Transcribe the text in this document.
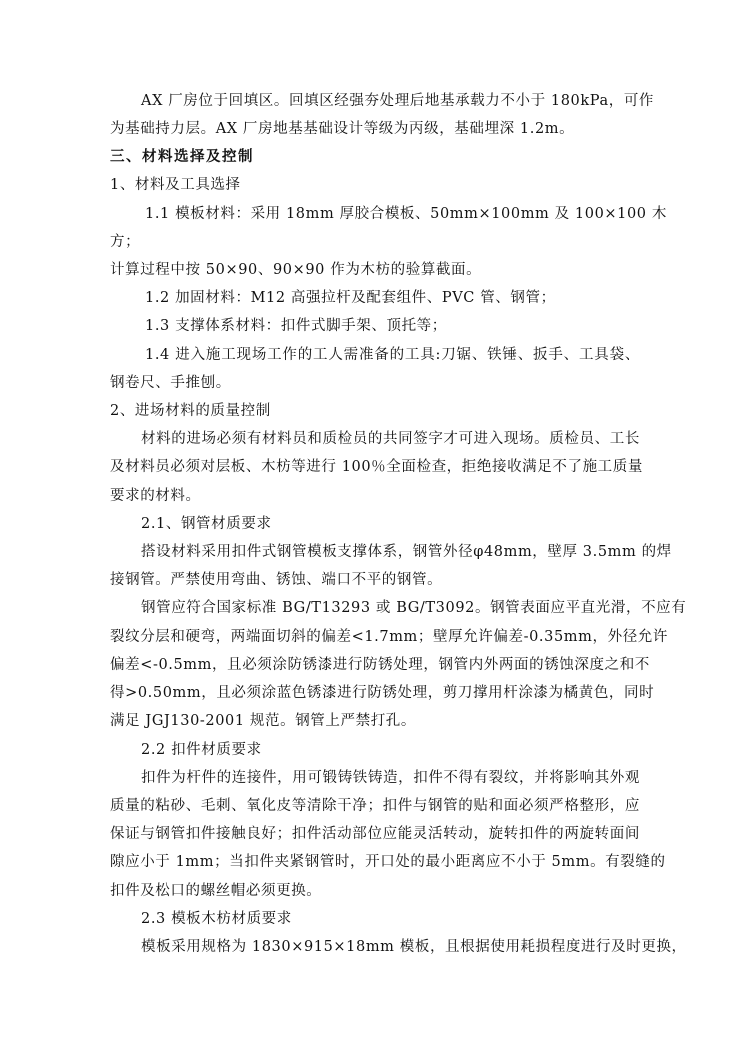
AX 厂房位于回填区。回填区经强夯处理后地基承载力不小于 180kPa，可作
为基础持力层。AX 厂房地基基础设计等级为丙级，基础埋深 1.2m。
三、材料选择及控制
1、材料及工具选择
1.1 模板材料：采用 18mm 厚胶合模板、50mm×100mm 及 100×100 木
方；
计算过程中按 50×90、90×90 作为木枋的验算截面。
1.2 加固材料：M12 高强拉杆及配套组件、PVC 管、钢管；
1.3 支撑体系材料：扣件式脚手架、顶托等；
1.4 进入施工现场工作的工人需准备的工具:刀锯、铁锤、扳手、工具袋、
钢卷尺、手推刨。
2、进场材料的质量控制
材料的进场必须有材料员和质检员的共同签字才可进入现场。质检员、工长
及材料员必须对层板、木枋等进行 100％全面检查，拒绝接收满足不了施工质量
要求的材料。
2.1、钢管材质要求
搭设材料采用扣件式钢管模板支撑体系，钢管外径φ48mm，壁厚 3.5mm 的焊
接钢管。严禁使用弯曲、锈蚀、端口不平的钢管。
钢管应符合国家标准 BG/T13293 或 BG/T3092。钢管表面应平直光滑，不应有
裂纹分层和硬弯，两端面切斜的偏差<1.7mm；壁厚允许偏差-0.35mm，外径允许
偏差<-0.5mm，且必须涂防锈漆进行防锈处理，钢管内外两面的锈蚀深度之和不
得>0.50mm，且必须涂蓝色锈漆进行防锈处理，剪刀撑用杆涂漆为橘黄色，同时
满足 JGJ130-2001 规范。钢管上严禁打孔。
2.2 扣件材质要求
扣件为杆件的连接件，用可锻铸铁铸造，扣件不得有裂纹，并将影响其外观
质量的粘砂、毛刺、氧化皮等清除干净；扣件与钢管的贴和面必须严格整形，应
保证与钢管扣件接触良好；扣件活动部位应能灵活转动，旋转扣件的两旋转面间
隙应小于 1mm；当扣件夹紧钢管时，开口处的最小距离应不小于 5mm。有裂缝的
扣件及松口的螺丝帽必须更换。
2.3 模板木枋材质要求
模板采用规格为 1830×915×18mm 模板，且根据使用耗损程度进行及时更换，
